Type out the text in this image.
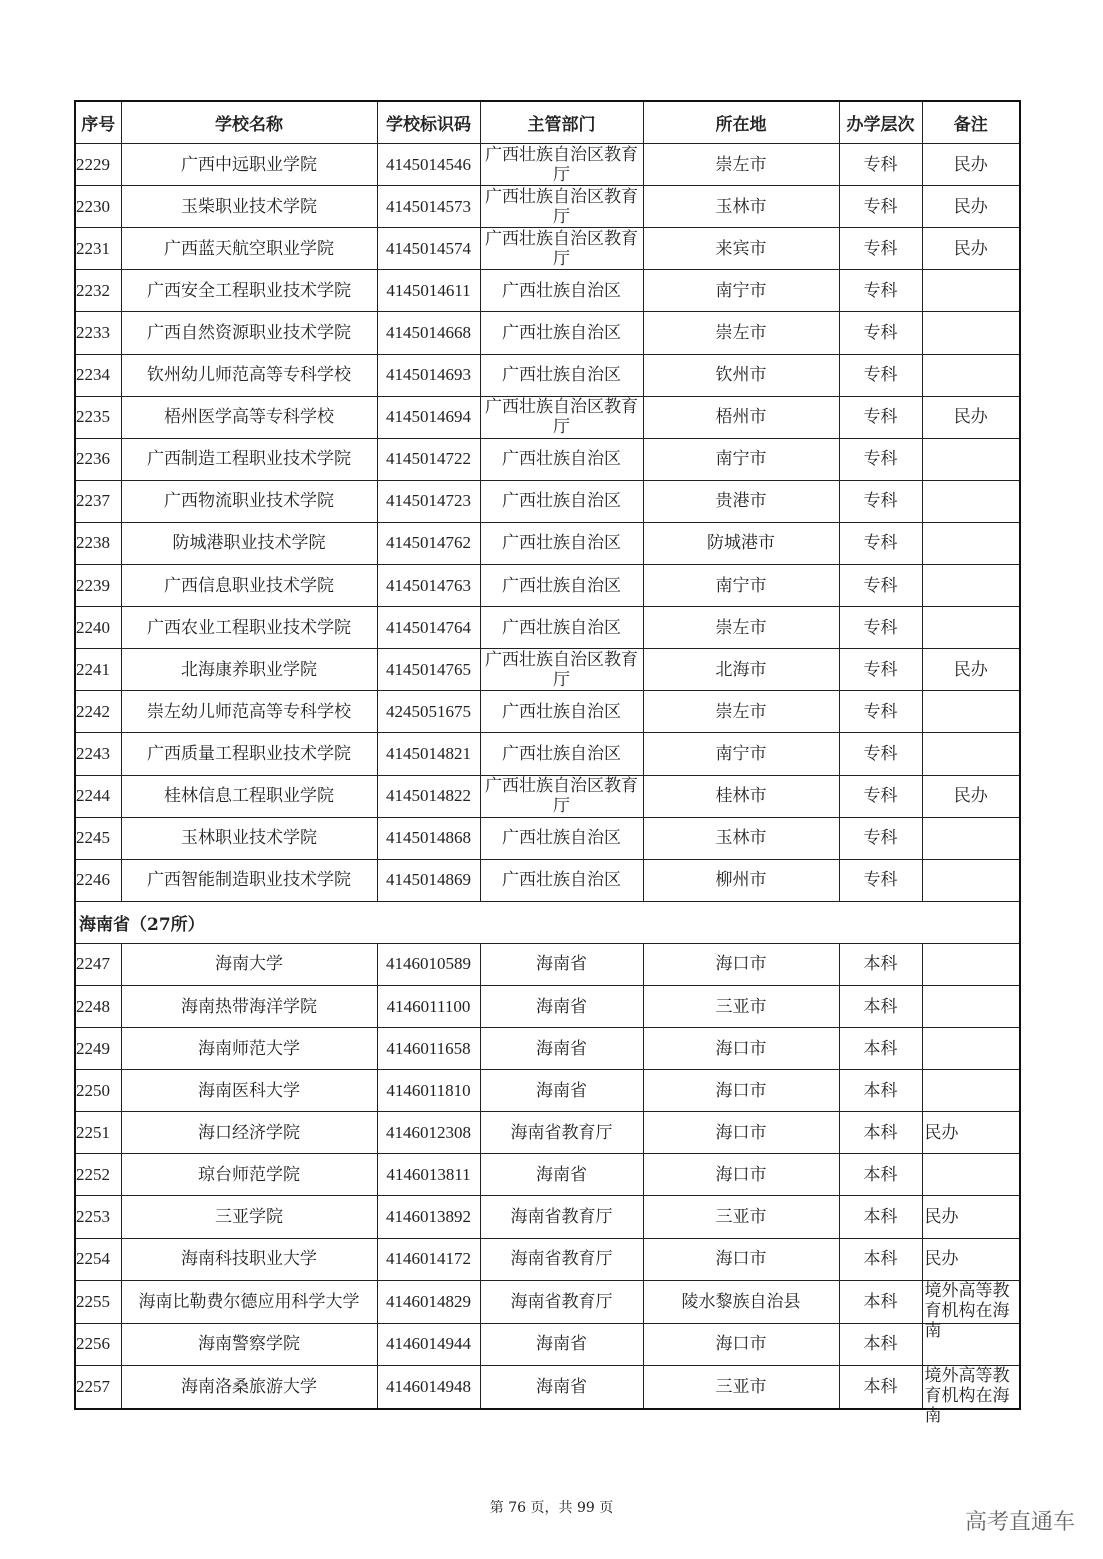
序号	学校名称	学校标识码	主管部门	所在地	办学层次	备注

2229	广西中远职业学院	4145014546	广西壮族自治区教育厅	崇左市	专科	民办

2230	玉柴职业技术学院	4145014573	广西壮族自治区教育厅	玉林市	专科	民办

2231	广西蓝天航空职业学院	4145014574	广西壮族自治区教育厅	来宾市	专科	民办

2232	广西安全工程职业技术学院	4145014611	广西壮族自治区	南宁市	专科	

2233	广西自然资源职业技术学院	4145014668	广西壮族自治区	崇左市	专科	

2234	钦州幼儿师范高等专科学校	4145014693	广西壮族自治区	钦州市	专科	

2235	梧州医学高等专科学校	4145014694	广西壮族自治区教育厅	梧州市	专科	民办

2236	广西制造工程职业技术学院	4145014722	广西壮族自治区	南宁市	专科	

2237	广西物流职业技术学院	4145014723	广西壮族自治区	贵港市	专科	

2238	防城港职业技术学院	4145014762	广西壮族自治区	防城港市	专科	

2239	广西信息职业技术学院	4145014763	广西壮族自治区	南宁市	专科	

2240	广西农业工程职业技术学院	4145014764	广西壮族自治区	崇左市	专科	

2241	北海康养职业学院	4145014765	广西壮族自治区教育厅	北海市	专科	民办

2242	崇左幼儿师范高等专科学校	4245051675	广西壮族自治区	崇左市	专科	

2243	广西质量工程职业技术学院	4145014821	广西壮族自治区	南宁市	专科	

2244	桂林信息工程职业学院	4145014822	广西壮族自治区教育厅	桂林市	专科	民办

2245	玉林职业技术学院	4145014868	广西壮族自治区	玉林市	专科	

2246	广西智能制造职业技术学院	4145014869	广西壮族自治区	柳州市	专科	

海南省（27所）						

2247	海南大学	4146010589	海南省	海口市	本科	

2248	海南热带海洋学院	4146011100	海南省	三亚市	本科	

2249	海南师范大学	4146011658	海南省	海口市	本科	

2250	海南医科大学	4146011810	海南省	海口市	本科	

2251	海口经济学院	4146012308	海南省教育厅	海口市	本科	民办

2252	琼台师范学院	4146013811	海南省	海口市	本科	

2253	三亚学院	4146013892	海南省教育厅	三亚市	本科	民办

2254	海南科技职业大学	4146014172	海南省教育厅	海口市	本科	民办

2255	海南比勒费尔德应用科学大学	4146014829	海南省教育厅	陵水黎族自治县	本科	境外高等教育机构在海南

2256	海南警察学院	4146014944	海南省	海口市	本科	

2257	海南洛桑旅游大学	4146014948	海南省	三亚市	本科	境外高等教育机构在海南
第 76 页，共 99 页
高考直通车
